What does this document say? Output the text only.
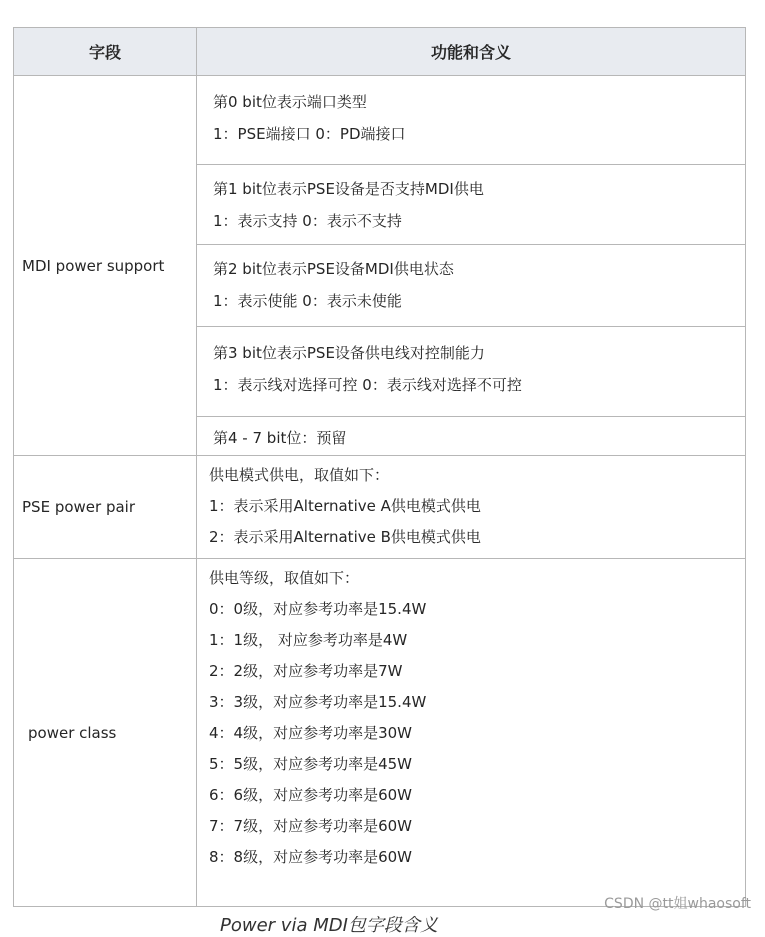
字段	功能和含义
MDI power support
第0 bit位表示端口类型
1：PSE端接口 0：PD端接口
第1 bit位表示PSE设备是否支持MDI供电
1：表示支持 0：表示不支持
第2 bit位表示PSE设备MDI供电状态
1：表示使能 0：表示未使能
第3 bit位表示PSE设备供电线对控制能力
1：表示线对选择可控 0：表示线对选择不可控
第4 - 7 bit位：预留
PSE power pair
供电模式供电，取值如下：
1：表示采用Alternative A供电模式供电
2：表示采用Alternative B供电模式供电
power class
供电等级，取值如下：
0：0级，对应参考功率是15.4W
1：1级， 对应参考功率是4W
2：2级，对应参考功率是7W
3：3级，对应参考功率是15.4W
4：4级，对应参考功率是30W
5：5级，对应参考功率是45W
6：6级，对应参考功率是60W
7：7级，对应参考功率是60W
8：8级，对应参考功率是60W
CSDN @tt姐whaosoft
Power via MDI包字段含义
